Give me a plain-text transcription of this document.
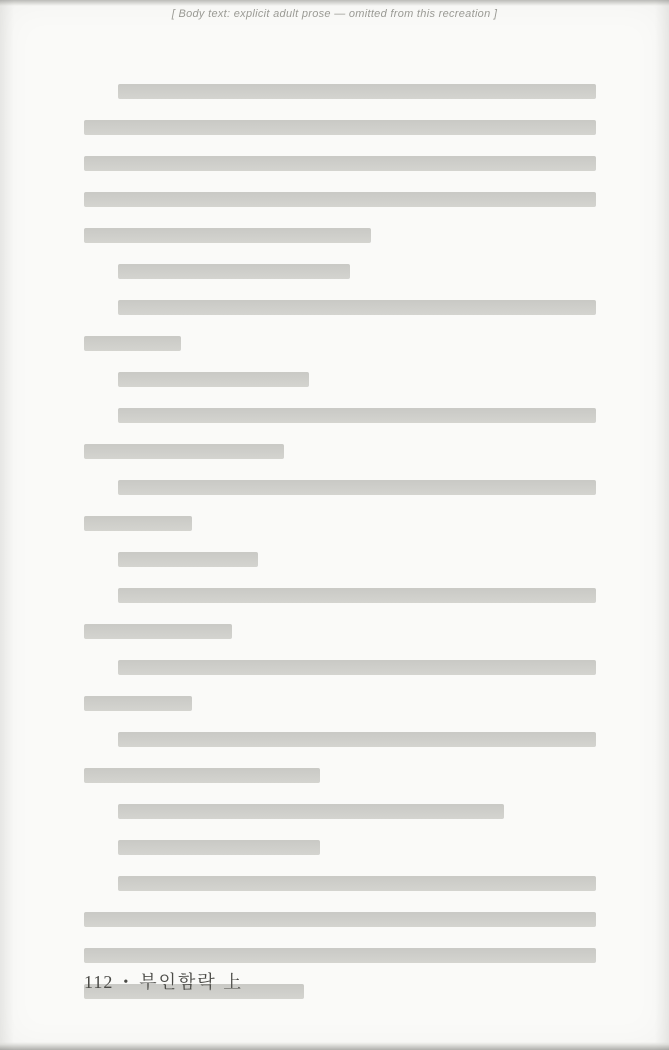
[ Body text: explicit adult prose — omitted from this recreation ]
112 • 부인함락 上
